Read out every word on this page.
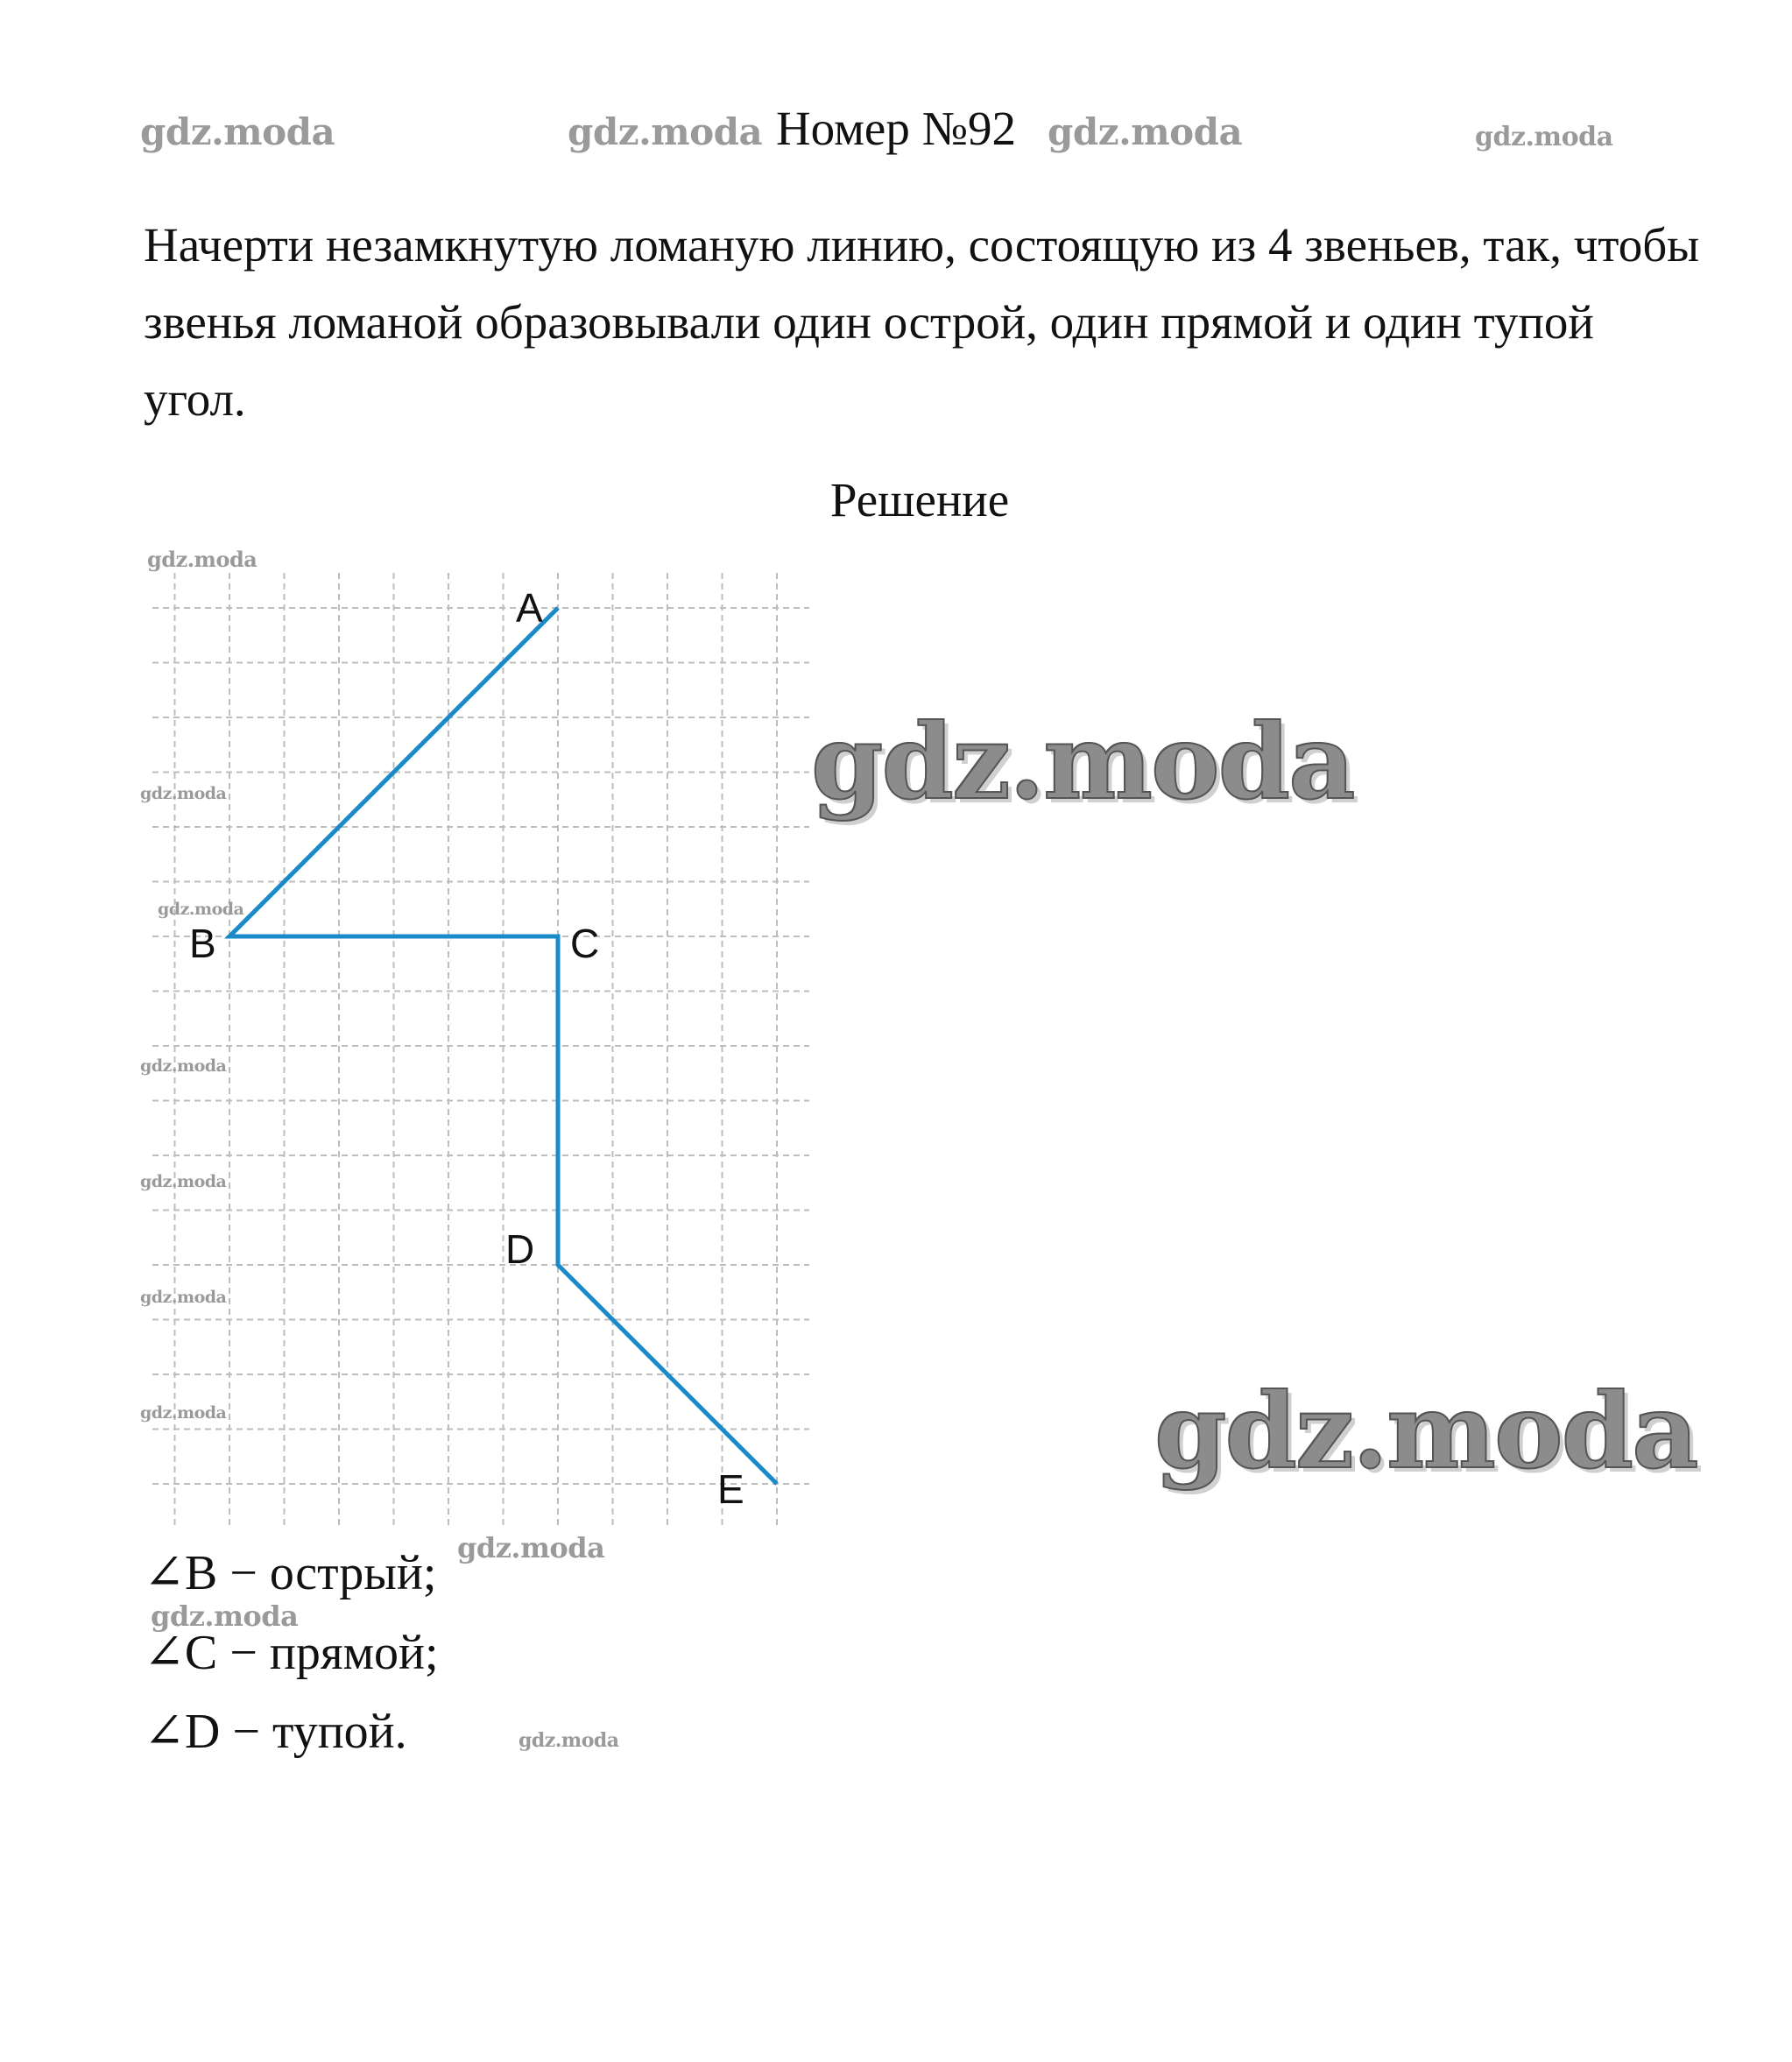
Номер №92
Начерти незамкнутую ломаную линию, состоящую из 4 звеньев, так, чтобы звенья ломаной образовывали один острой, один прямой и один тупой угол.
Решение
A
B	C
D
E
∠B − острый;
∠C − прямой;
∠D − тупой.
gdz.moda	gdz.moda	gdz.moda	gdz.moda
gdz.moda
gdz.moda
gdz.moda
gdz.moda
gdz.moda
gdz.moda
gdz.moda
gdz.moda
gdz.moda
gdz.moda
gdz.moda
gdz.moda
